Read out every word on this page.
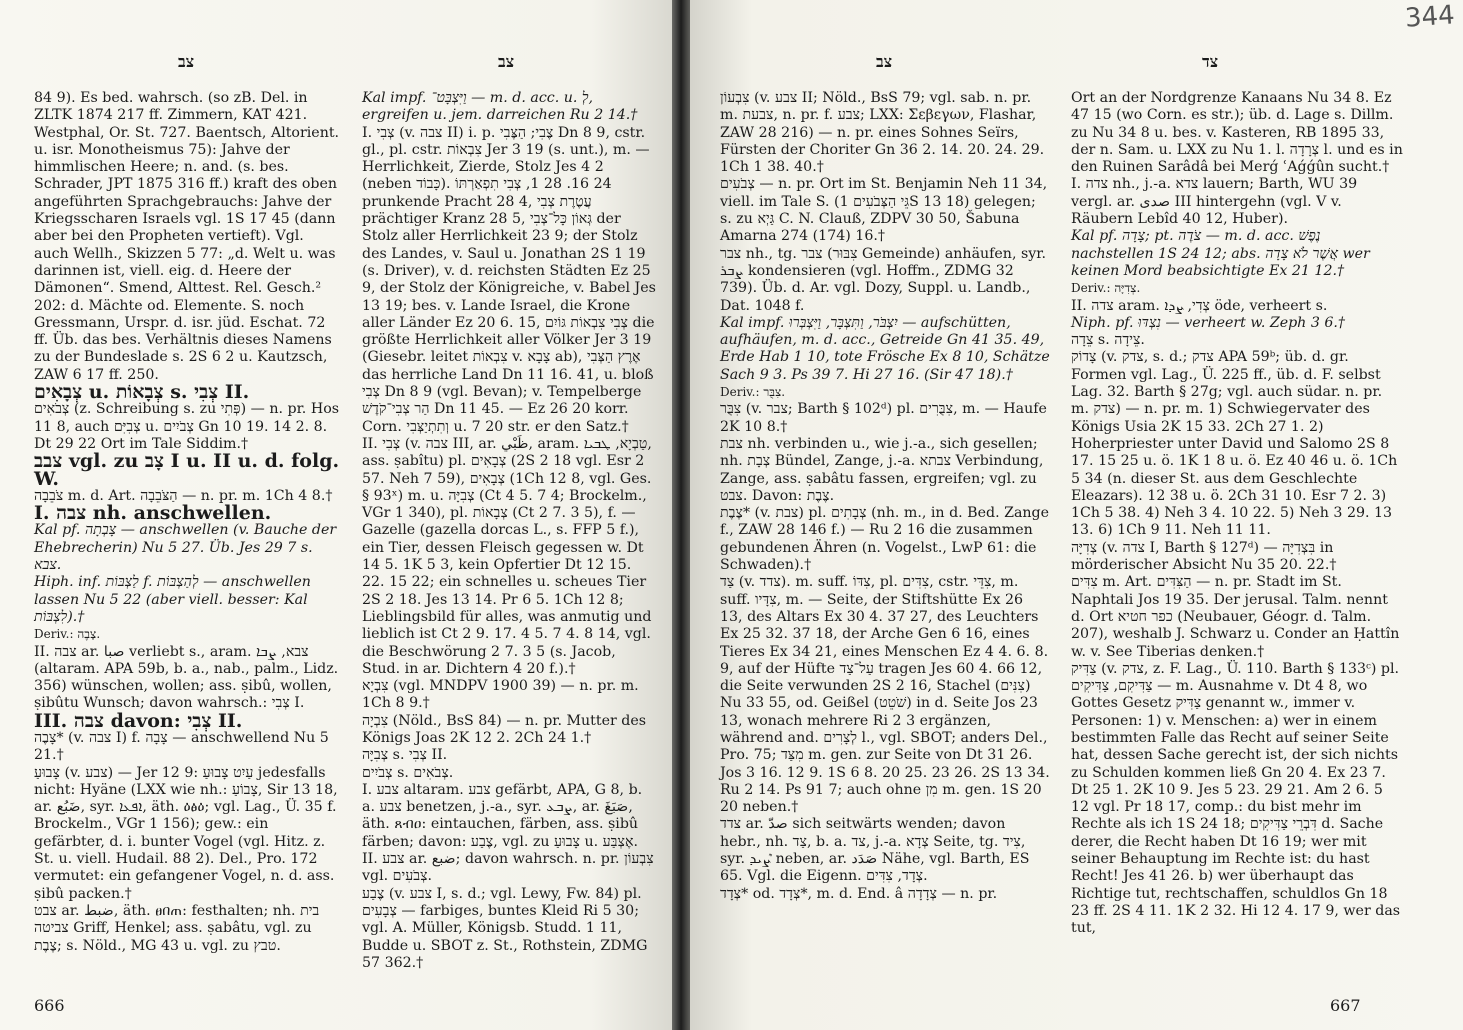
צב	צב

84 9). Es bed. wahrsch. (so zB. Del. in ZLTK 1874 217 ff. Zimmern, KAT 421. Westphal, Or. St. 727. Baentsch, Altorient. u. isr. Monotheismus 75): Jahve der himmlischen Heere; n. and. (s. bes. Schrader, JPT 1875 316 ff.) kraft des oben angeführten Sprachgebrauchs: Jahve der Kriegsscharen Israels vgl. 1S 17 45 (dann aber bei den Propheten vertieft). Vgl. auch Wellh., Skizzen 5 77: „d. Welt u. was darinnen ist, viell. eig. d. Heere der Dämonen“. Smend, Alttest. Rel. Gesch.² 202: d. Mächte od. Elemente. S. noch Gressmann, Urspr. d. isr. jüd. Eschat. 72 ff. Üb. das bes. Verhältnis dieses Namens zu der Bundeslade s. 2S 6 2 u. Kautzsch, ZAW 6 17 ff. 250.

צְבָאִים u. צְבָאוֹת s. צְבִי II.

צְבֹאִים (z. Schreibung s. zu פְּתִי) — n. pr. Hos 11 8, auch צְבִיִּם u. צְבֹיִים Gn 10 19. 14 2. 8. Dt 29 22 Ort im Tale Siddim.†

צבב vgl. zu צָב I u. II u. d. folg. W.

צֹבֵבָה m. d. Art. הַצֹּבֵבָה — n. pr. m. 1Ch 4 8.†

I. צבה nh. anschwellen.

Kal pf. צָבְתָה — anschwellen (v. Bauche der Ehebrecherin) Nu 5 27. Üb. Jes 29 7 s. צבא.

Hiph. inf. לַצְבּוֹת f. לְהַצְבּוֹת — anschwellen lassen Nu 5 22 (aber viell. besser: Kal לִצְבּוֹת).†

Deriv.: צָבֶה.

II. צבה ar. صبا verliebt s., aram. צבא, ܨܒܐ (altaram. APA 59b, b. a., nab., palm., Lidz. 356) wünschen, wollen; ass. ṣibû, wollen, ṣibûtu Wunsch; davon wahrsch.: צְבִי I.

III. צבה davon: צְבִי II.

צָבֶה* (v. צבה I) f. צָבָה — anschwellend Nu 5 21.†

צָבוּעַ (v. צבע) — Jer 12 9: עַיִט צָבוּעַ jedesfalls nicht: Hyäne (LXX wie nh.: צָבוֹעַ, Sir 13 18, ar. ضَبُع, syr. ܐܦܥܐ, äth. ዕፅዕ; vgl. Lag., Ü. 35 f. Brockelm., VGr 1 156); gew.: ein gefärbter, d. i. bunter Vogel (vgl. Hitz. z. St. u. viell. Hudail. 88 2). Del., Pro. 172 vermutet: ein gefangener Vogel, n. d. ass. ṣibû packen.†

צבט ar. ضبط, äth. ፀበጠ: festhalten; nh. בית צביטה Griff, Henkel; ass. ṣabâtu, vgl. zu צֶבֶת; s. Nöld., MG 43 u. vgl. zu טבץ.

Kal impf. וַיִּצְבָּט־ — m. d. acc. u. לְ, ergreifen u. jem. darreichen Ru 2 14.†

I. צְבִי (v. צבה II) i. p. צֶבִי; הַצֶּבִי Dn 8 9, cstr. gl., pl. cstr. צִבְאוֹת Jer 3 19 (s. unt.), m. — Herrlichkeit, Zierde, Stolz Jes 4 2 (neben כָּבוֹד). 24 16. 28 1, צְבִי תִפְאַרְתּוֹ prunkende Pracht 28 4, עֲטֶרֶת צְבִי prächtiger Kranz 28 5, גְּאוֹן כָּל־צְבִי der Stolz aller Herrlichkeit 23 9; der Stolz des Landes, v. Saul u. Jonathan 2S 1 19 (s. Driver), v. d. reichsten Städten Ez 25 9, der Stolz der Königreiche, v. Babel Jes 13 19; bes. v. Lande Israel, die Krone aller Länder Ez 20 6. 15, צְבִי צִבְאוֹת גּוֹיִם die größte Herrlichkeit aller Völker Jer 3 19 (Giesebr. leitet צִבְאוֹת v. צָבָא ab), אֶרֶץ הַצְּבִי das herrliche Land Dn 11 16. 41, u. bloß צְבִי Dn 8 9 (vgl. Bevan); v. Tempelberge הַר צְבִי־קֹדֶשׁ Dn 11 45. — Ez 26 20 korr. Corn. וְתִתְיַצְּבִי u. 7 20 str. er den Satz.†

II. צְבִי (v. צבה III, ar. ظَبْي, aram. טַבְיָא, ܛܒܝܐ, ass. ṣabîtu) pl. צְבָאִים (2S 2 18 vgl. Esr 2 57. Neh 7 59), צְבָאִים (1Ch 12 8, vgl. Ges. § 93ˣ) m. u. צְבִיָּה (Ct 4 5. 7 4; Brockelm., VGr 1 340), pl. צְבָאוֹת (Ct 2 7. 3 5), f. — Gazelle (gazella dorcas L., s. FFP 5 f.), ein Tier, dessen Fleisch gegessen w. Dt 14 5. 1K 5 3, kein Opfertier Dt 12 15. 22. 15 22; ein schnelles u. scheues Tier 2S 2 18. Jes 13 14. Pr 6 5. 1Ch 12 8; Lieblingsbild für alles, was anmutig und lieblich ist Ct 2 9. 17. 4 5. 7 4. 8 14, vgl. die Beschwörung 2 7. 3 5 (s. Jacob, Stud. in ar. Dichtern 4 20 f.).†

צִבְיָא (vgl. MNDPV 1900 39) — n. pr. m. 1Ch 8 9.†

צִבְיָה (Nöld., BsS 84) — n. pr. Mutter des Königs Joas 2K 12 2. 2Ch 24 1.†

צְבִיָּה s. צְבִי II.

צְבֹיִים s. צְבֹאִים.

I. צבע altaram. צבע gefärbt, APA, G 8, b. a. צבע benetzen, j.-a., syr. ܨܒܥ, ar. صَبَغَ, äth. ጸብዐ: eintauchen, färben, ass. ṣibû färben; davon: צֶבַע, vgl. zu צָבוּעַ u. אֶצְבַּע.

II. צבע ar. ضبع; davon wahrsch. n. pr. צִבְעוֹן vgl. צְבֹעִים.

צֶבַע (v. צבע I, s. d.; vgl. Lewy, Fw. 84) pl. צְבָעִים — farbiges, buntes Kleid Ri 5 30; vgl. A. Müller, Königsb. Studd. 1 11, Budde u. SBOT z. St., Rothstein, ZDMG 57 362.†

666
344
צב	צד

צִבְעוֹן (v. צבע II; Nöld., BsS 79; vgl. sab. n. pr. m. צבעת, n. pr. f. צבע; LXX: Σεβεγων, Flashar, ZAW 28 216) — n. pr. eines Sohnes Seïrs, Fürsten der Choriter Gn 36 2. 14. 20. 24. 29. 1Ch 1 38. 40.†

צְבֹעִים — n. pr. Ort im St. Benjamin Neh 11 34, viell. im Tale S. (גֵּי הַצְּבֹעִים 1S 13 18) gelegen; s. zu גַּיְא C. N. Clauß, ZDPV 30 50, Šabuna Amarna 274 (174) 16.†

צבר nh., tg. צבר (צִבּוּר Gemeinde) anhäufen, syr. ܨܒܪ kondensieren (vgl. Hoffm., ZDMG 32 739). Üb. d. Ar. vgl. Dozy, Suppl. u. Landb., Dat. 1048 f.

Kal impf. יִצְבֹּר, וַתִּצְבָּר, וַיִּצְבְּרוּ — aufschütten, aufhäufen, m. d. acc., Getreide Gn 41 35. 49, Erde Hab 1 10, tote Frösche Ex 8 10, Schätze Sach 9 3. Ps 39 7. Hi 27 16. (Sir 47 18).†

Deriv.: צִבֻּר.

צִבֻּר (v. צבר; Barth § 102ᵈ) pl. צִבֻּרִים, m. — Haufe 2K 10 8.†

צבת nh. verbinden u., wie j.-a., sich gesellen; nh. צְבָת Bündel, Zange, j.-a. צבתא Verbindung, Zange, ass. ṣabâtu fassen, ergreifen; vgl. zu צבט. Davon: צֶבֶת.

צֶבֶת* (v. צבת) pl. צְבָתִים (nh. m., in d. Bed. Zange f., ZAW 28 146 f.) — Ru 2 16 die zusammen gebundenen Ähren (n. Vogelst., LwP 61: die Schwaden).†

צַד (v. צדד). m. suff. צִדּוֹ, pl. צִדִּים, cstr. צִדֵּי, m. suff. צִדָּיו, m. — Seite, der Stiftshütte Ex 26 13, des Altars Ex 30 4. 37 27, des Leuchters Ex 25 32. 37 18, der Arche Gen 6 16, eines Tieres Ex 34 21, eines Menschen Ez 4 4. 6. 8. 9, auf der Hüfte עַל־צַד tragen Jes 60 4. 66 12, die Seite verwunden 2S 2 16, Stachel (צִנִּים) Nu 33 55, od. Geißel (שֹׁטֵט) in d. Seite Jos 23 13, wonach mehrere Ri 2 3 ergänzen, während and. לְצָרִים l., vgl. SBOT; anders Del., Pro. 75; מִצַּד m. gen. zur Seite von Dt 31 26. Jos 3 16. 12 9. 1S 6 8. 20 25. 23 26. 2S 13 34. Ru 2 14. Ps 91 7; auch ohne מִן m. gen. 1S 20 20 neben.†

צדד ar. صدّ sich seitwärts wenden; davon hebr., nh. צַד, b. a. צד, j.-a. צְדָא Seite, tg. צִיד, syr. ܨܶܝܕ neben, ar. صَدَد Nähe, vgl. Barth, ES 65. Vgl. die Eigenn. צְדָד, צִדִּים.

צְדָד* od. צְדָד*, m. d. End. â צְדָדָה — n. pr.

Ort an der Nordgrenze Kanaans Nu 34 8. Ez 47 15 (wo Corn. es str.); üb. d. Lage s. Dillm. zu Nu 34 8 u. bes. v. Kasteren, RB 1895 33, der n. Sam. u. LXX zu Nu 1. l. צְרָדָה l. und es in den Ruinen Sarâdâ bei Merǵ ʿAǵǵûn sucht.†

I. צדה nh., j.-a. צדא lauern; Barth, WU 39 vergl. ar. صدى III hintergehn (vgl. V v. Räubern Lebîd 40 12, Huber).

Kal pf. צָדָה; pt. צֹדֶה — m. d. acc. נֶפֶשׁ nachstellen 1S 24 12; abs. אֲשֶׁר לֹא צָדָה wer keinen Mord beabsichtigte Ex 21 12.†

Deriv.: צְדִיָּה.

II. צדה aram. צְדִי, ܨܕܐ öde, verheert s.

Niph. pf. נִצְדּוּ — verheert w. Zeph 3 6.†

צֵדָה s. צֵידָה.

צָדוֹק (v. צדק, s. d.; צדק APA 59ᵇ; üb. d. gr. Formen vgl. Lag., Ü. 225 ff., üb. d. F. selbst Lag. 32. Barth § 27g; vgl. auch südar. n. pr. m. צדק) — n. pr. m. 1) Schwiegervater des Königs Usia 2K 15 33. 2Ch 27 1. 2) Hoherpriester unter David und Salomo 2S 8 17. 15 25 u. ö. 1K 1 8 u. ö. Ez 40 46 u. ö. 1Ch 5 34 (n. dieser St. aus dem Geschlechte Eleazars). 12 38 u. ö. 2Ch 31 10. Esr 7 2. 3) 1Ch 5 38. 4) Neh 3 4. 10 22. 5) Neh 3 29. 13 13. 6) 1Ch 9 11. Neh 11 11.

צְדִיָּה (v. צדה I, Barth § 127ᵈ) — בִּצְדִיָּה in mörderischer Absicht Nu 35 20. 22.†

צִדִּים m. Art. הַצִּדִּים — n. pr. Stadt im St. Naphtali Jos 19 35. Der jerusal. Talm. nennt d. Ort כפר חטיא (Neubauer, Géogr. d. Talm. 207), weshalb J. Schwarz u. Conder an Ḥattîn w. v. See Tiberias denken.†

צַדִּיק (v. צדק, z. F. Lag., Ü. 110. Barth § 133ᶜ) pl. צַדִּיקִם, צַדִּיקִים — m. Ausnahme v. Dt 4 8, wo Gottes Gesetz צַדִּיק genannt w., immer v. Personen: 1) v. Menschen: a) wer in einem bestimmten Falle das Recht auf seiner Seite hat, dessen Sache gerecht ist, der sich nichts zu Schulden kommen ließ Gn 20 4. Ex 23 7. Dt 25 1. 2K 10 9. Jes 5 23. 29 21. Am 2 6. 5 12 vgl. Pr 18 17, comp.: du bist mehr im Rechte als ich 1S 24 18; דִּבְרֵי צַדִּיקִים d. Sache derer, die Recht haben Dt 16 19; wer mit seiner Behauptung im Rechte ist: du hast Recht! Jes 41 26. b) wer überhaupt das Richtige tut, rechtschaffen, schuldlos Gn 18 23 ff. 2S 4 11. 1K 2 32. Hi 12 4. 17 9, wer das tut,

667
